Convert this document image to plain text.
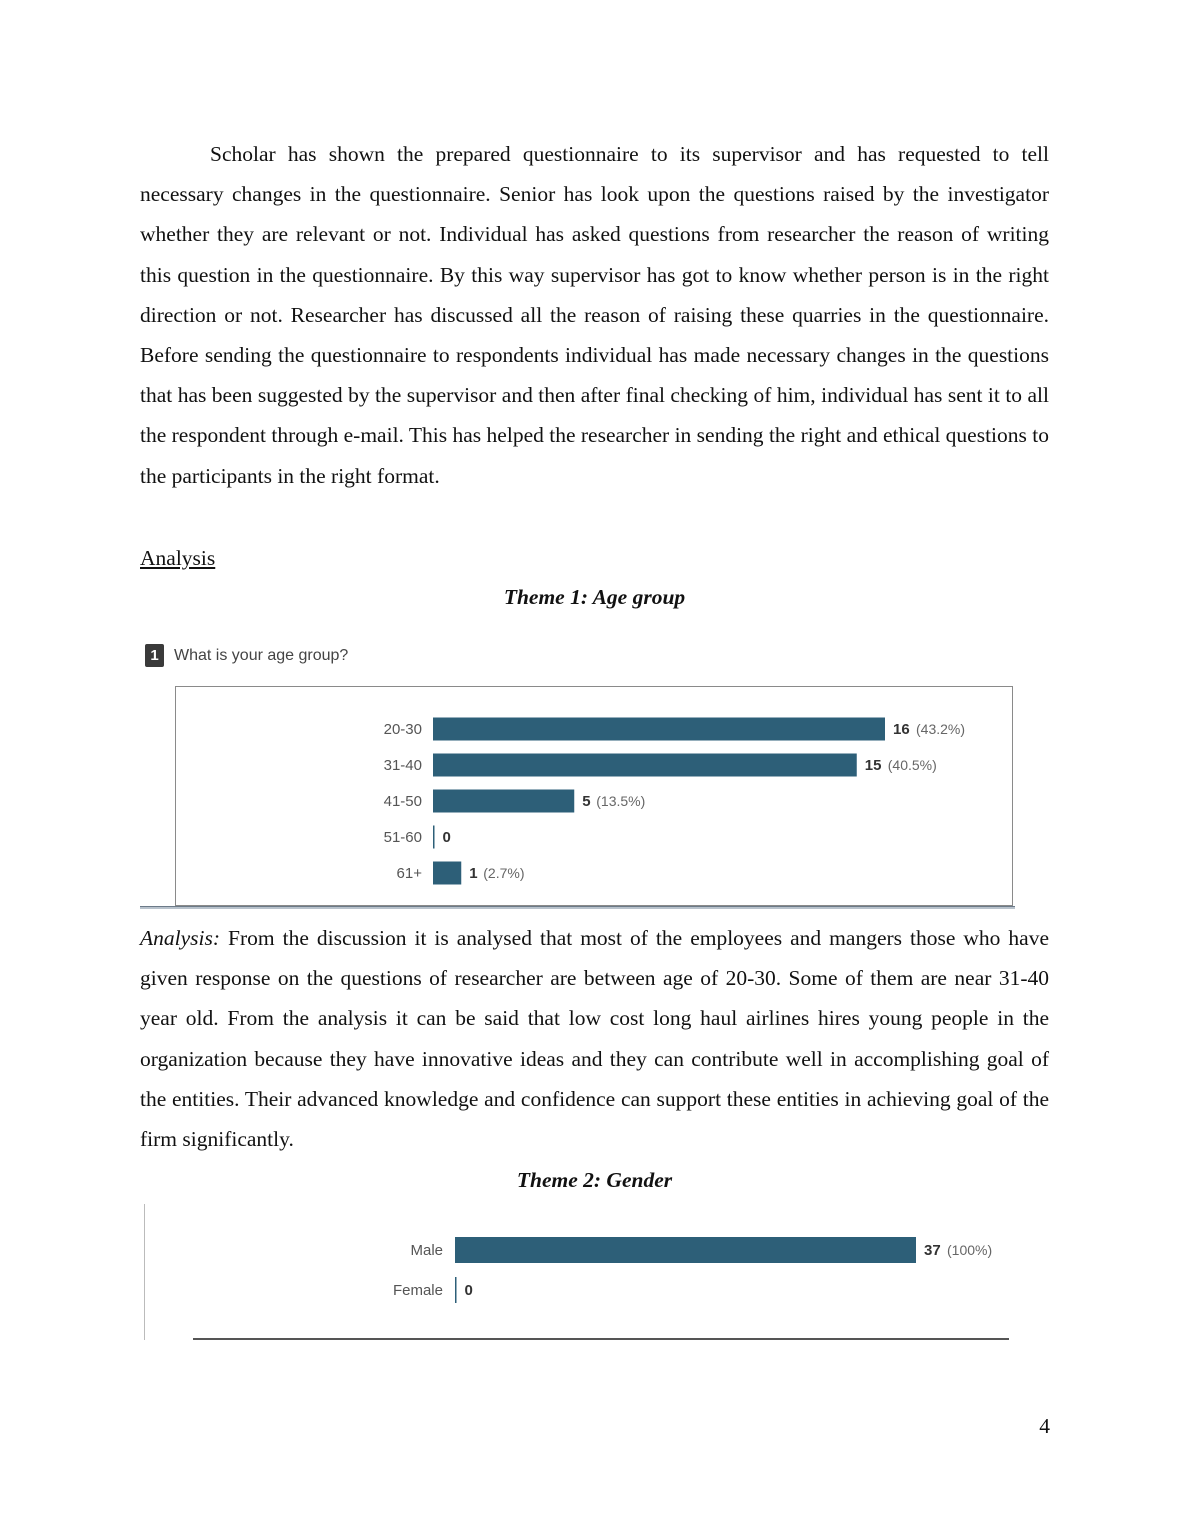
Scholar has shown the prepared questionnaire to its supervisor and has requested to tell necessary changes in the questionnaire. Senior has look upon the questions raised by the investigator whether they are relevant or not. Individual has asked questions from researcher the reason of writing this question in the questionnaire. By this way supervisor has got to know whether person is in the right direction or not. Researcher has discussed all the reason of raising these quarries in the questionnaire. Before sending the questionnaire to respondents individual has made necessary changes in the questions that has been suggested by the supervisor and then after final checking of him, individual has sent it to all the respondent through e-mail. This has helped the researcher in sending the right and ethical questions to the participants in the right format.

Analysis
Theme 1: Age group
1 What is your age group?
20-30	16 (43.2%)
31-40	15 (40.5%)
41-50	5 (13.5%)
51-60 0
61+	1 (2.7%)

Analysis: From the discussion it is analysed that most of the employees and mangers those who have given response on the questions of researcher are between age of 20-30. Some of them are near 31-40 year old. From the analysis it can be said that low cost long haul airlines hires young people in the organization because they have innovative ideas and they can contribute well in accomplishing goal of the entities. Their advanced knowledge and confidence can support these entities in achieving goal of the firm significantly.

Theme 2: Gender
Male	37 (100%)
Female 0
4
